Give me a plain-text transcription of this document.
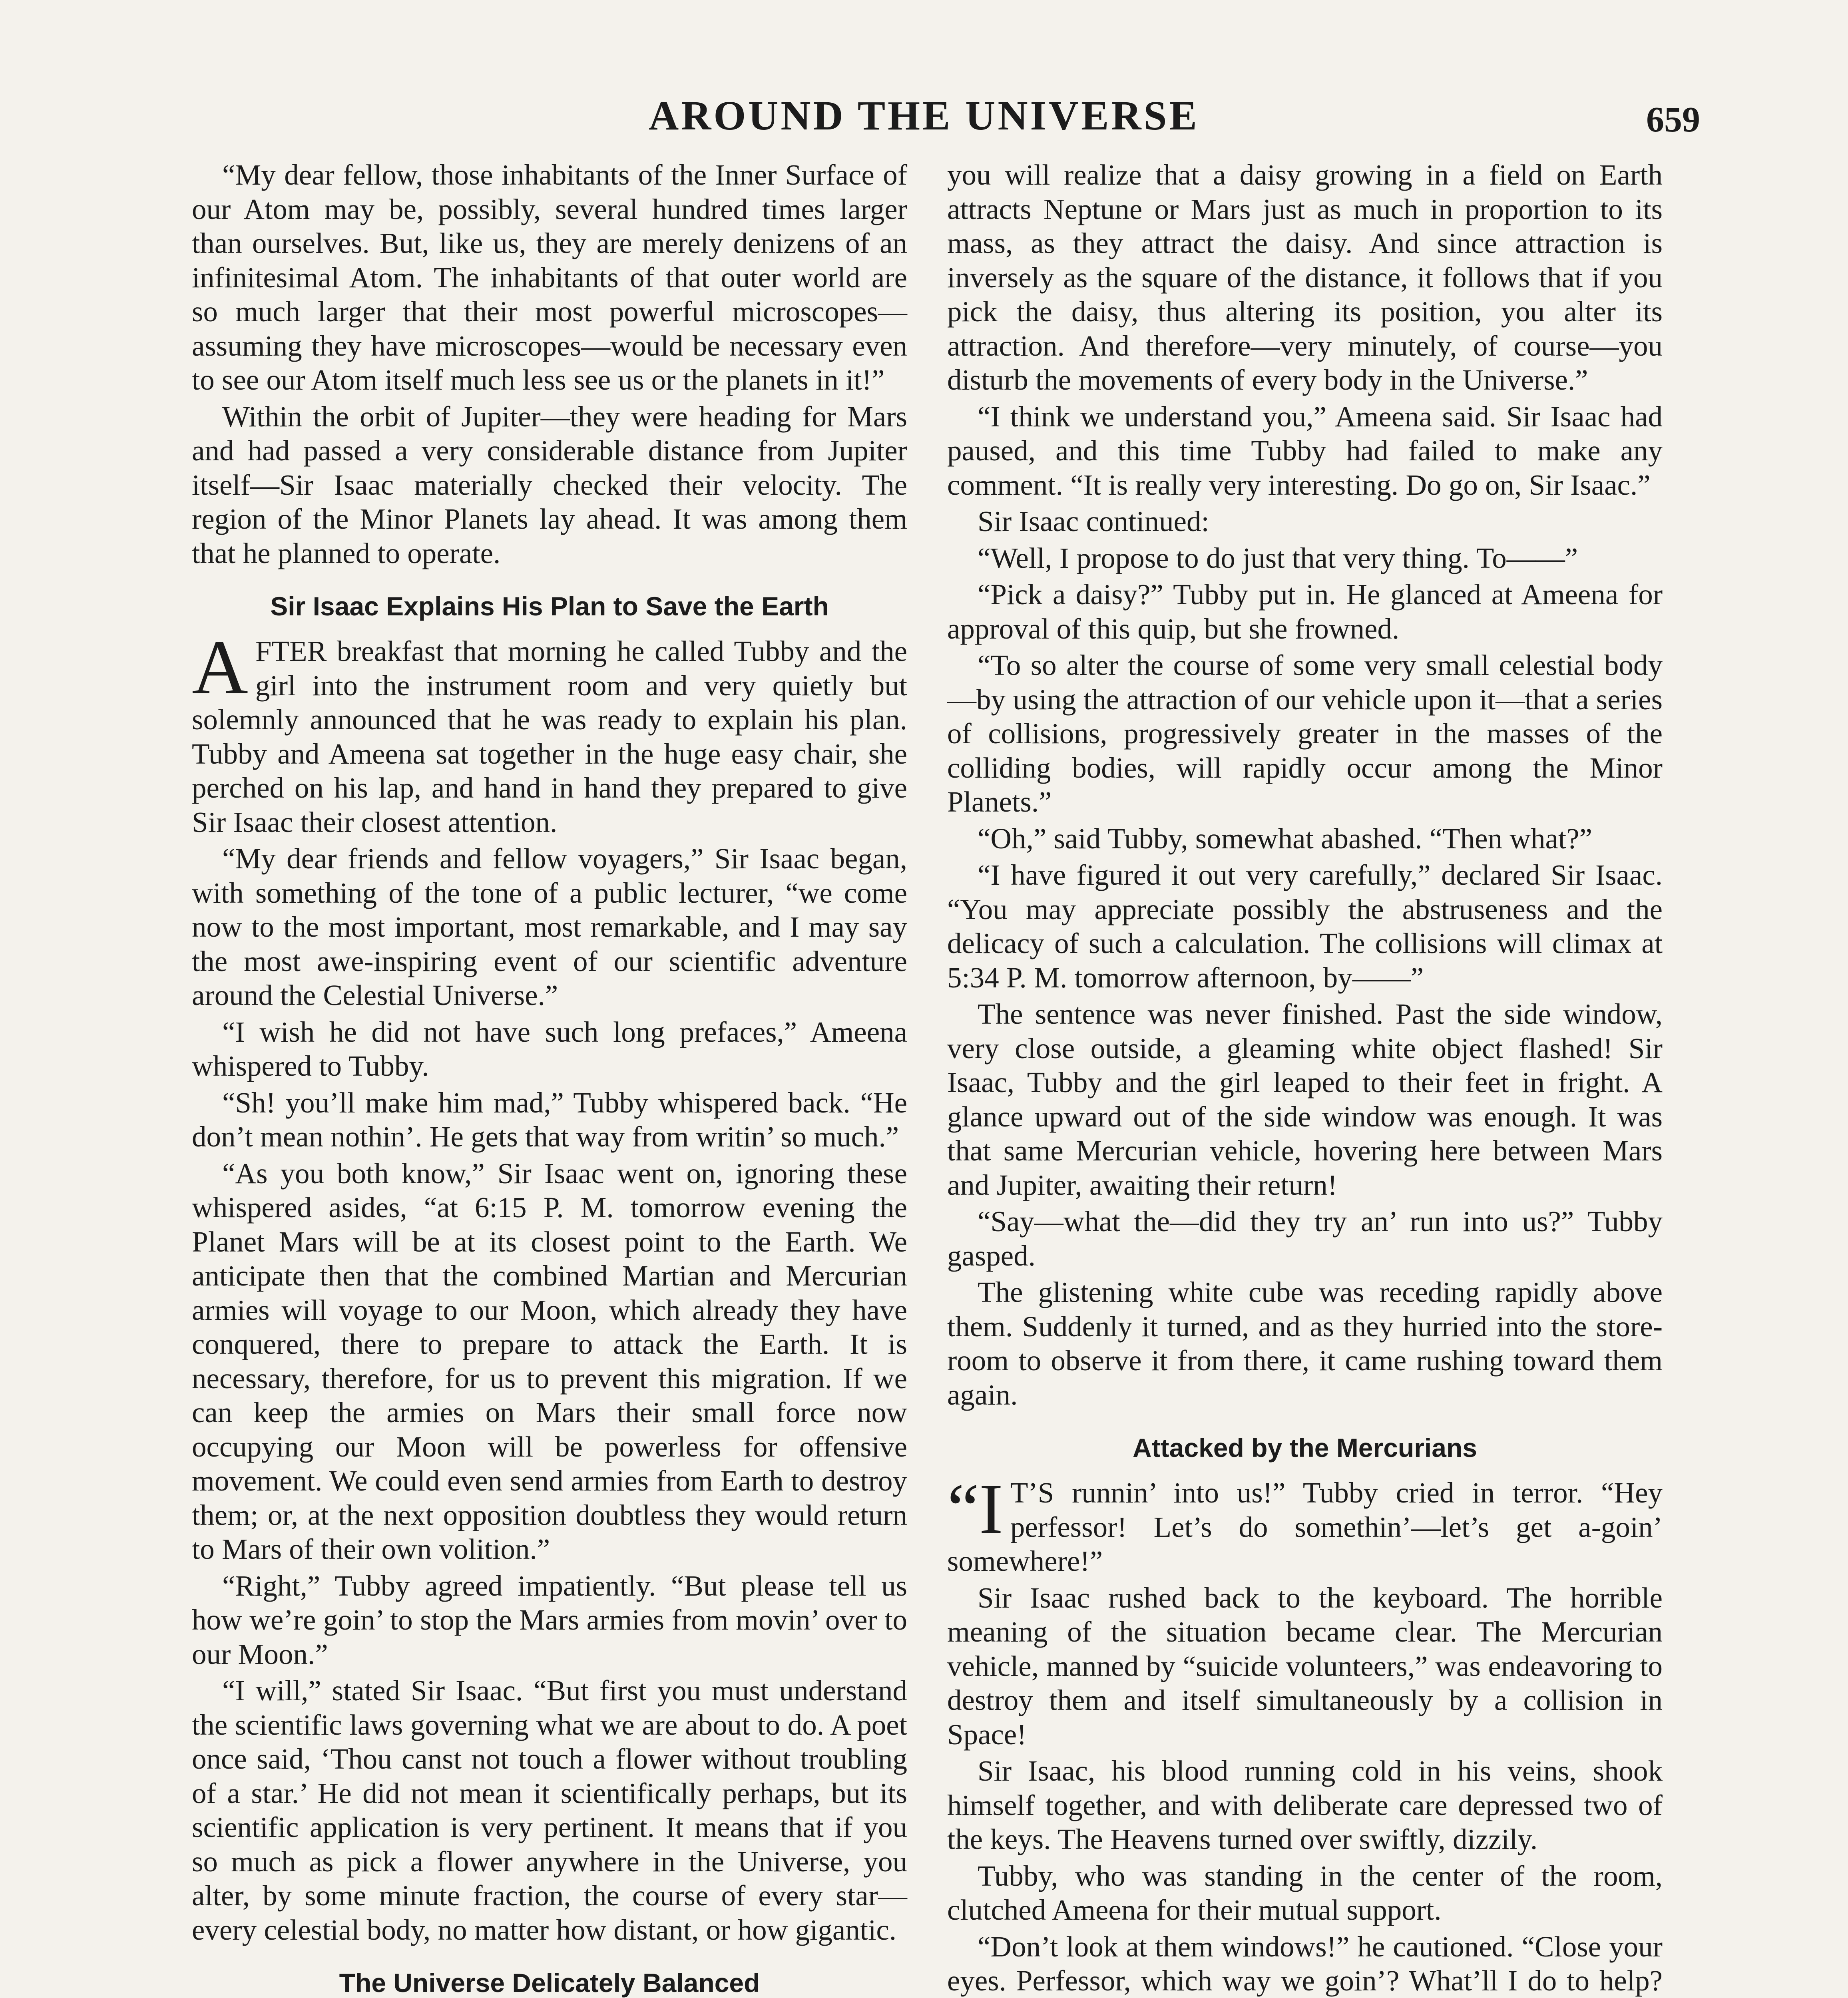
AROUND THE UNIVERSE	659

“My dear fellow, those inhabitants of the Inner Surface of our Atom may be, possibly, several hundred times larger than ourselves. But, like us, they are merely denizens of an infinitesimal Atom. The inhabitants of that outer world are so much larger that their most powerful microscopes—assuming they have microscopes—would be necessary even to see our Atom itself much less see us or the planets in it!”

Within the orbit of Jupiter—they were heading for Mars and had passed a very considerable distance from Jupiter itself—Sir Isaac materially checked their velocity. The region of the Minor Planets lay ahead. It was among them that he planned to operate.

Sir Isaac Explains His Plan to Save the Earth

AFTER breakfast that morning he called Tubby and the girl into the instrument room and very quietly but solemnly announced that he was ready to explain his plan. Tubby and Ameena sat together in the huge easy chair, she perched on his lap, and hand in hand they prepared to give Sir Isaac their closest attention.

“My dear friends and fellow voyagers,” Sir Isaac began, with something of the tone of a public lecturer, “we come now to the most important, most remarkable, and I may say the most awe-inspiring event of our scientific adventure around the Celestial Universe.”

“I wish he did not have such long prefaces,” Ameena whispered to Tubby.

“Sh! you’ll make him mad,” Tubby whispered back. “He don’t mean nothin’. He gets that way from writin’ so much.”

“As you both know,” Sir Isaac went on, ignoring these whispered asides, “at 6:15 P. M. tomorrow evening the Planet Mars will be at its closest point to the Earth. We anticipate then that the combined Martian and Mercurian armies will voyage to our Moon, which already they have conquered, there to prepare to attack the Earth. It is necessary, therefore, for us to prevent this migration. If we can keep the armies on Mars their small force now occupying our Moon will be powerless for offensive movement. We could even send armies from Earth to destroy them; or, at the next opposition doubtless they would return to Mars of their own volition.”

“Right,” Tubby agreed impatiently. “But please tell us how we’re goin’ to stop the Mars armies from movin’ over to our Moon.”

“I will,” stated Sir Isaac. “But first you must understand the scientific laws governing what we are about to do. A poet once said, ‘Thou canst not touch a flower without troubling of a star.’ He did not mean it scientifically perhaps, but its scientific application is very pertinent. It means that if you so much as pick a flower anywhere in the Universe, you alter, by some minute fraction, the course of every star—every celestial body, no matter how distant, or how gigantic.

The Universe Delicately Balanced

you will realize that a daisy growing in a field on Earth attracts Neptune or Mars just as much in proportion to its mass, as they attract the daisy. And since attraction is inversely as the square of the distance, it follows that if you pick the daisy, thus altering its position, you alter its attraction. And therefore—very minutely, of course—you disturb the movements of every body in the Universe.”

“I think we understand you,” Ameena said. Sir Isaac had paused, and this time Tubby had failed to make any comment. “It is really very interesting. Do go on, Sir Isaac.”

Sir Isaac continued:

“Well, I propose to do just that very thing. To——”

“Pick a daisy?” Tubby put in. He glanced at Ameena for approval of this quip, but she frowned.

“To so alter the course of some very small celestial body—by using the attraction of our vehicle upon it—that a series of collisions, progressively greater in the masses of the colliding bodies, will rapidly occur among the Minor Planets.”

“Oh,” said Tubby, somewhat abashed. “Then what?”

“I have figured it out very carefully,” declared Sir Isaac. “You may appreciate possibly the abstruseness and the delicacy of such a calculation. The collisions will climax at 5:34 P. M. tomorrow afternoon, by——”

The sentence was never finished. Past the side window, very close outside, a gleaming white object flashed! Sir Isaac, Tubby and the girl leaped to their feet in fright. A glance upward out of the side window was enough. It was that same Mercurian vehicle, hovering here between Mars and Jupiter, awaiting their return!

“Say—what the—did they try an’ run into us?” Tubby gasped.

The glistening white cube was receding rapidly above them. Suddenly it turned, and as they hurried into the store-room to observe it from there, it came rushing toward them again.

Attacked by the Mercurians

“I T’S runnin’ into us!” Tubby cried in terror. “Hey perfessor! Let’s do somethin’—let’s get a-goin’ somewhere!”

Sir Isaac rushed back to the keyboard. The horrible meaning of the situation became clear. The Mercurian vehicle, manned by “suicide volunteers,” was endeavoring to destroy them and itself simultaneously by a collision in Space!

Sir Isaac, his blood running cold in his veins, shook himself together, and with deliberate care depressed two of the keys. The Heavens turned over swiftly, dizzily.

Tubby, who was standing in the center of the room, clutched Ameena for their mutual support.

“Don’t look at them windows!” he cautioned. “Close your eyes. Perfessor, which way we goin’? What’ll I do to help?
